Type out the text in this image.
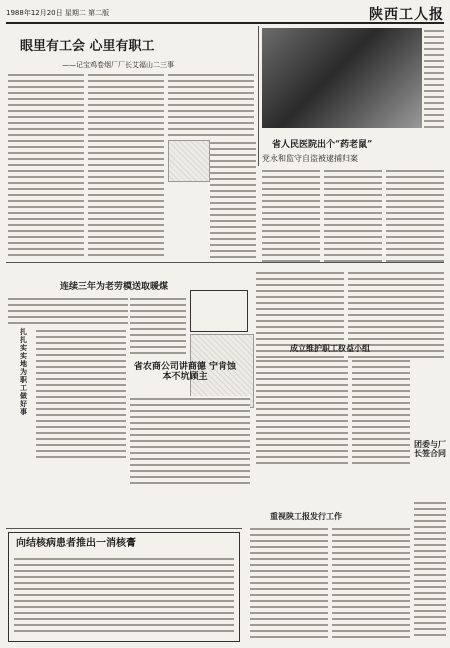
1988年12月20日 星期二 第二版	陕西工人报
眼里有工会 心里有职工
——记宝鸡卷烟厂厂长艾福山二三事
省人民医院出个“药老鼠”
党永和监守自盗被逮捕归案
连续三年为老劳模送取暖煤
扎扎实实地为职工做好事
省农商公司讲商德 宁肯蚀本不坑顾主
成立维护职工权益小组
团委与厂长签合同
向结核病患者推出一消核膏
重视陕工报发行工作
